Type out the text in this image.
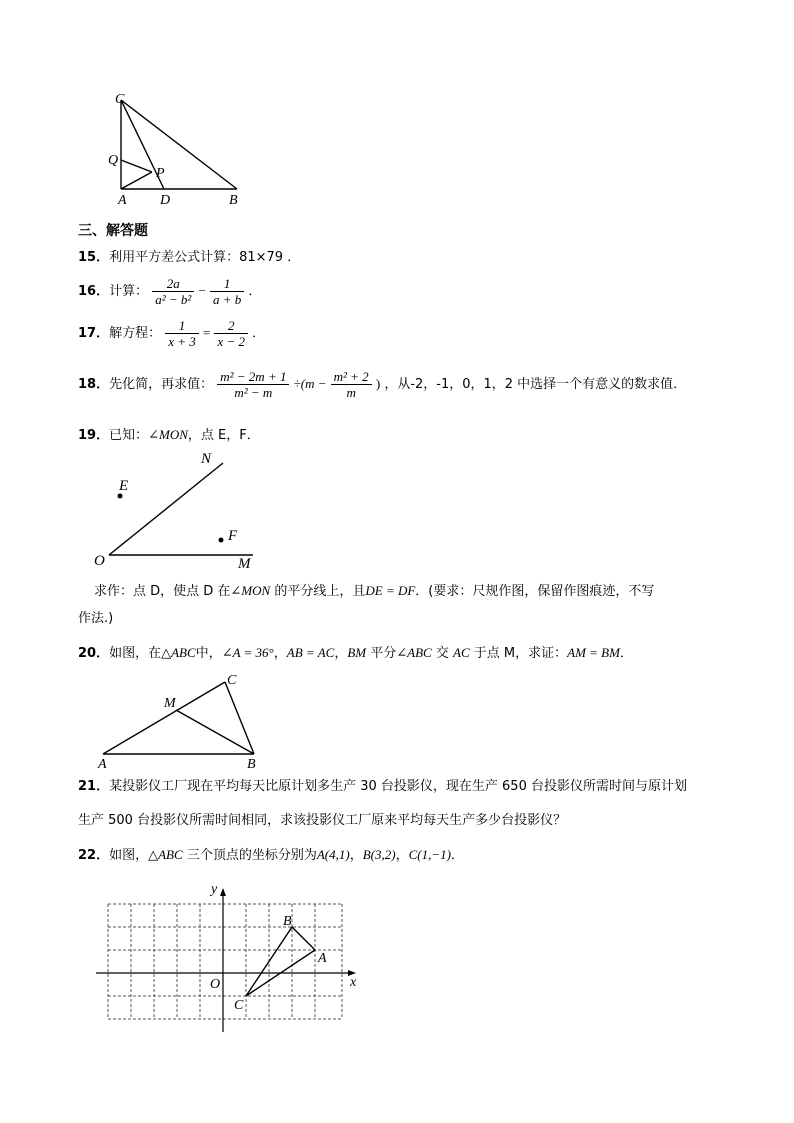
C
Q
P
A D	B
三、解答题
15．利用平方差公式计算：81×79 ．
16．计算： $\frac{2a}{\text{a² − b²}} - \frac{1}{a + b}$ ．
17．解方程： $\frac{1}{x + 3} = \frac{2}{x - 2}$ ．
18．先化简，再求值： $\frac{\text{m² − 2m + 1}}{\text{m² − m}} \div(m - \frac{\text{m² + 2}}{m}$ ) ，从-2，-1，0，1，2 中选择一个有意义的数求值．
19．已知：∠MON，点 E，F．
N
E
F
O	M
求作：点 D，使点 D 在∠MON 的平分线上，且DE = DF．(要求：尺规作图，保留作图痕迹，不写
作法.)
20．如图，在△ABC中，∠A = 36°，AB = AC，BM 平分∠ABC 交 AC 于点 M，求证：AM = BM．
M
C
A	B
21．某投影仪工厂现在平均每天比原计划多生产 30 台投影仪，现在生产 650 台投影仪所需时间与原计划
生产 500 台投影仪所需时间相同，求该投影仪工厂原来平均每天生产多少台投影仪？
22．如图，△ABC 三个顶点的坐标分别为A(4,1)，B(3,2)，C(1,−1)．
y
x
O
A
B
C
